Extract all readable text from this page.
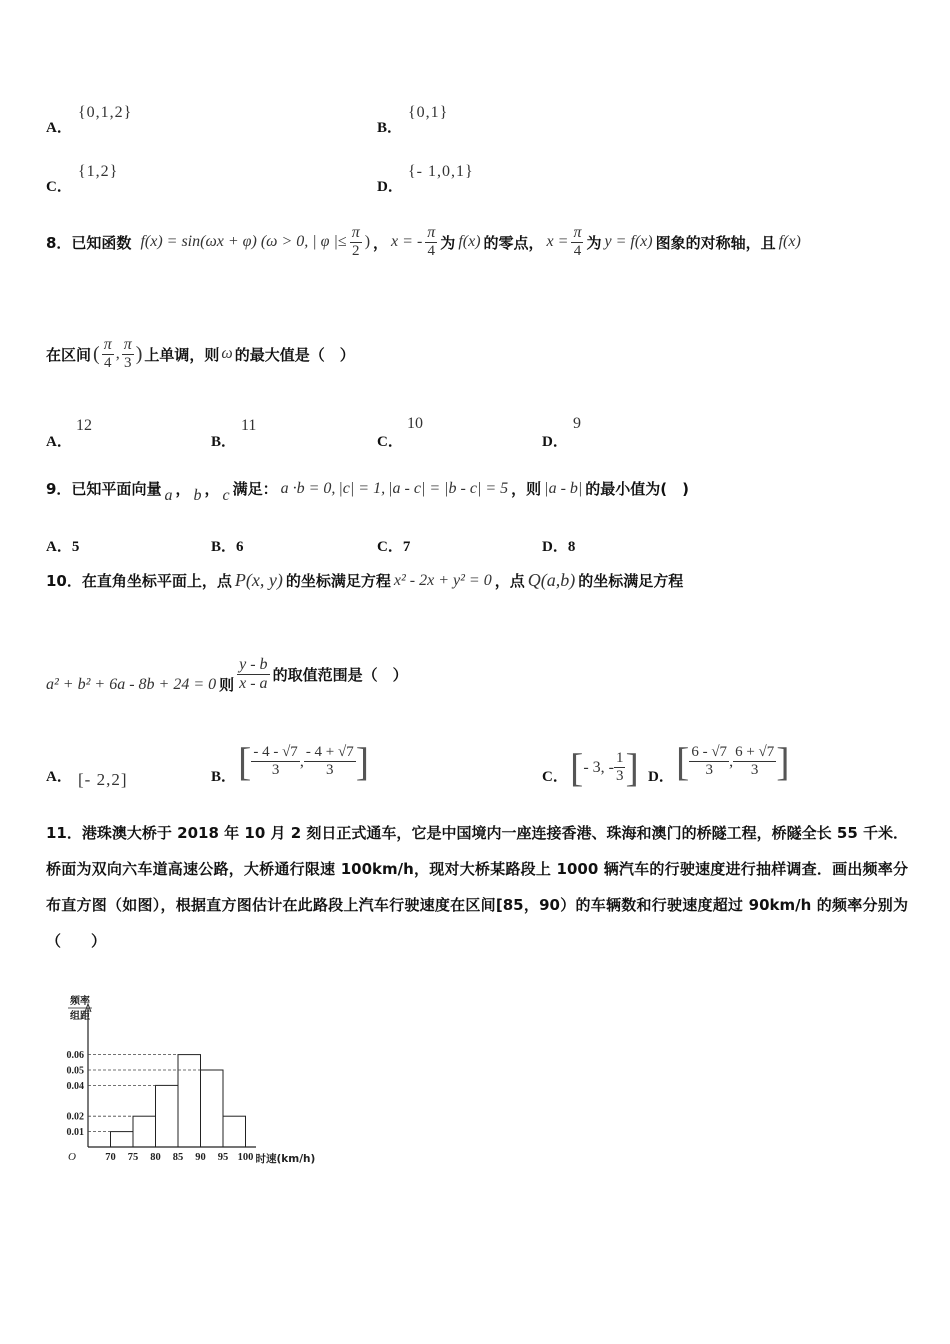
A．
{0,1,2}
B．
{0,1}
C．
{1,2}
D．
{- 1,0,1}
8．已知函数 f(x) = sin(ωx + φ) (ω > 0, | φ |≤ $\frac{\pi}{2}$ ) ， x = - $\frac{\pi}{4}$ 为 f(x) 的零点， $x = \frac{\pi}{4}$ 为 y = f(x) 图象的对称轴，且 f(x)
在区间 ( $\frac{\pi}{4}$ , $\frac{\pi}{3}$ ) 上单调，则 ω 的最大值是（　）
A．
12
B．
11
C．
10
D．
9
9．已知平面向量 a ， b ， c 满足： a ·b = 0, |c| = 1, |a - c| = |b - c| = 5 ，则 |a - b| 的最小值为(　)
A．5	B．6	C．7	D．8
10．在直角坐标平面上，点 P(x, y) 的坐标满足方程 x² - 2x + y² = 0 ，点 Q(a,b) 的坐标满足方程
a² + b² + 6a - 8b + 24 = 0 则 $\frac{y - b}{x - a}$ 的取值范围是（　）
A． [- 2,2]	B． [ $\frac{- 4 - √7}{3}$ , $\frac{- 4 + √7}{3}$ ]	C． [ - 3, - $\frac{1}{3}$ ] D． [ $\frac{6 - √7}{3}$ , $\frac{6 + √7}{3}$ ]
11．港珠澳大桥于 2018 年 10 月 2 刻日正式通车，它是中国境内一座连接香港、珠海和澳门的桥隧工程，桥隧全长 55 千米．桥面为双向六车道高速公路，大桥通行限速 100km/h，现对大桥某路段上 1000 辆汽车的行驶速度进行抽样调查．画出频率分布直方图（如图），根据直方图估计在此路段上汽车行驶速度在区间[85，90）的车辆数和行驶速度超过 90km/h 的频率分别为（　　）
频率
组距
O
0.01
0.02
0.04
0.05
0.06
70 75 80 85 90 95 100 时速(km/h)
